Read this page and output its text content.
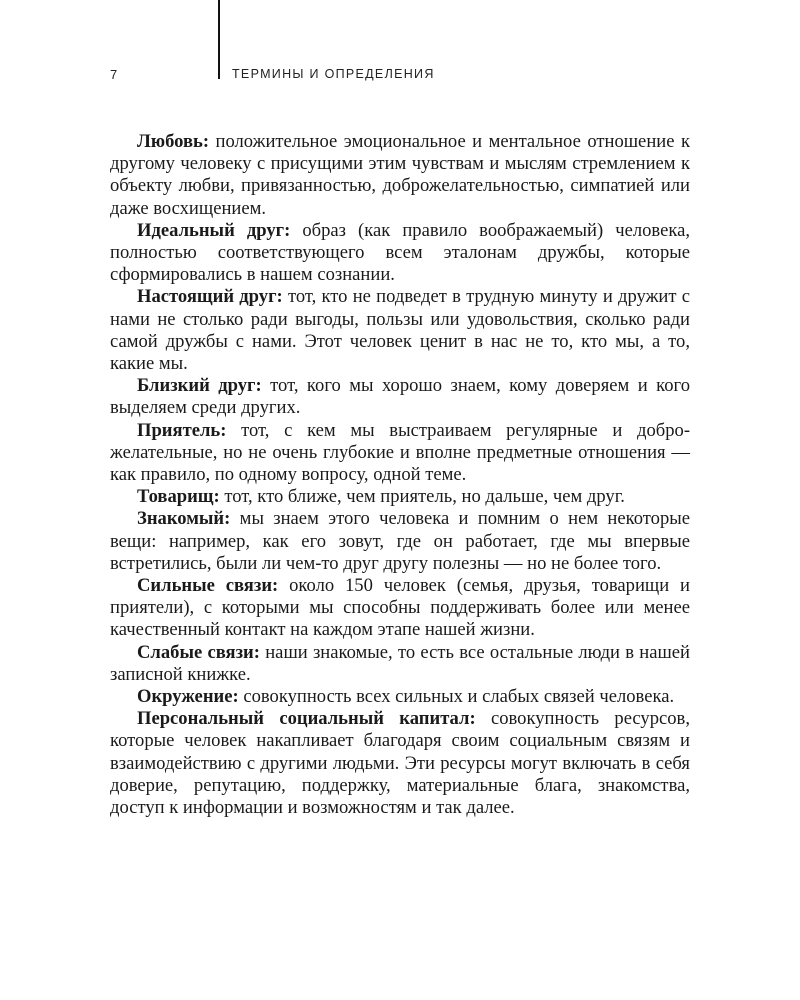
7	ТЕРМИНЫ И ОПРЕДЕЛЕНИЯ

Любовь: положительное эмоциональное и ментальное отношение к другому человеку с присущими этим чувствам и мыслям стремлением к объекту любви, привязанностью, доброжелательностью, симпатией или даже восхищением.

Идеальный друг: образ (как правило воображаемый) человека, полностью соответствующего всем эталонам дружбы, которые сформировались в нашем сознании.

Настоящий друг: тот, кто не подведет в трудную минуту и дружит с нами не столько ради выгоды, пользы или удовольствия, сколько ради самой дружбы с нами. Этот человек ценит в нас не то, кто мы, а то, какие мы.

Близкий друг: тот, кого мы хорошо знаем, кому доверяем и кого выделяем среди других.

Приятель: тот, с кем мы выстраиваем регулярные и доброжелательные, но не очень глубокие и вполне предметные отношения — как правило, по одному вопросу, одной теме.

Товарищ: тот, кто ближе, чем приятель, но дальше, чем друг.

Знакомый: мы знаем этого человека и помним о нем некоторые вещи: например, как его зовут, где он работает, где мы впервые встретились, были ли чем-то друг другу полезны — но не более того.

Сильные связи: около 150 человек (семья, друзья, товарищи и приятели), с которыми мы способны поддерживать более или менее качественный контакт на каждом этапе нашей жизни.

Слабые связи: наши знакомые, то есть все остальные люди в нашей записной книжке.

Окружение: совокупность всех сильных и слабых связей человека.

Персональный социальный капитал: совокупность ресурсов, которые человек накапливает благодаря своим социальным связям и взаимодействию с другими людьми. Эти ресурсы могут включать в себя доверие, репутацию, поддержку, материальные блага, знакомства, доступ к информации и возможностям и так далее.
